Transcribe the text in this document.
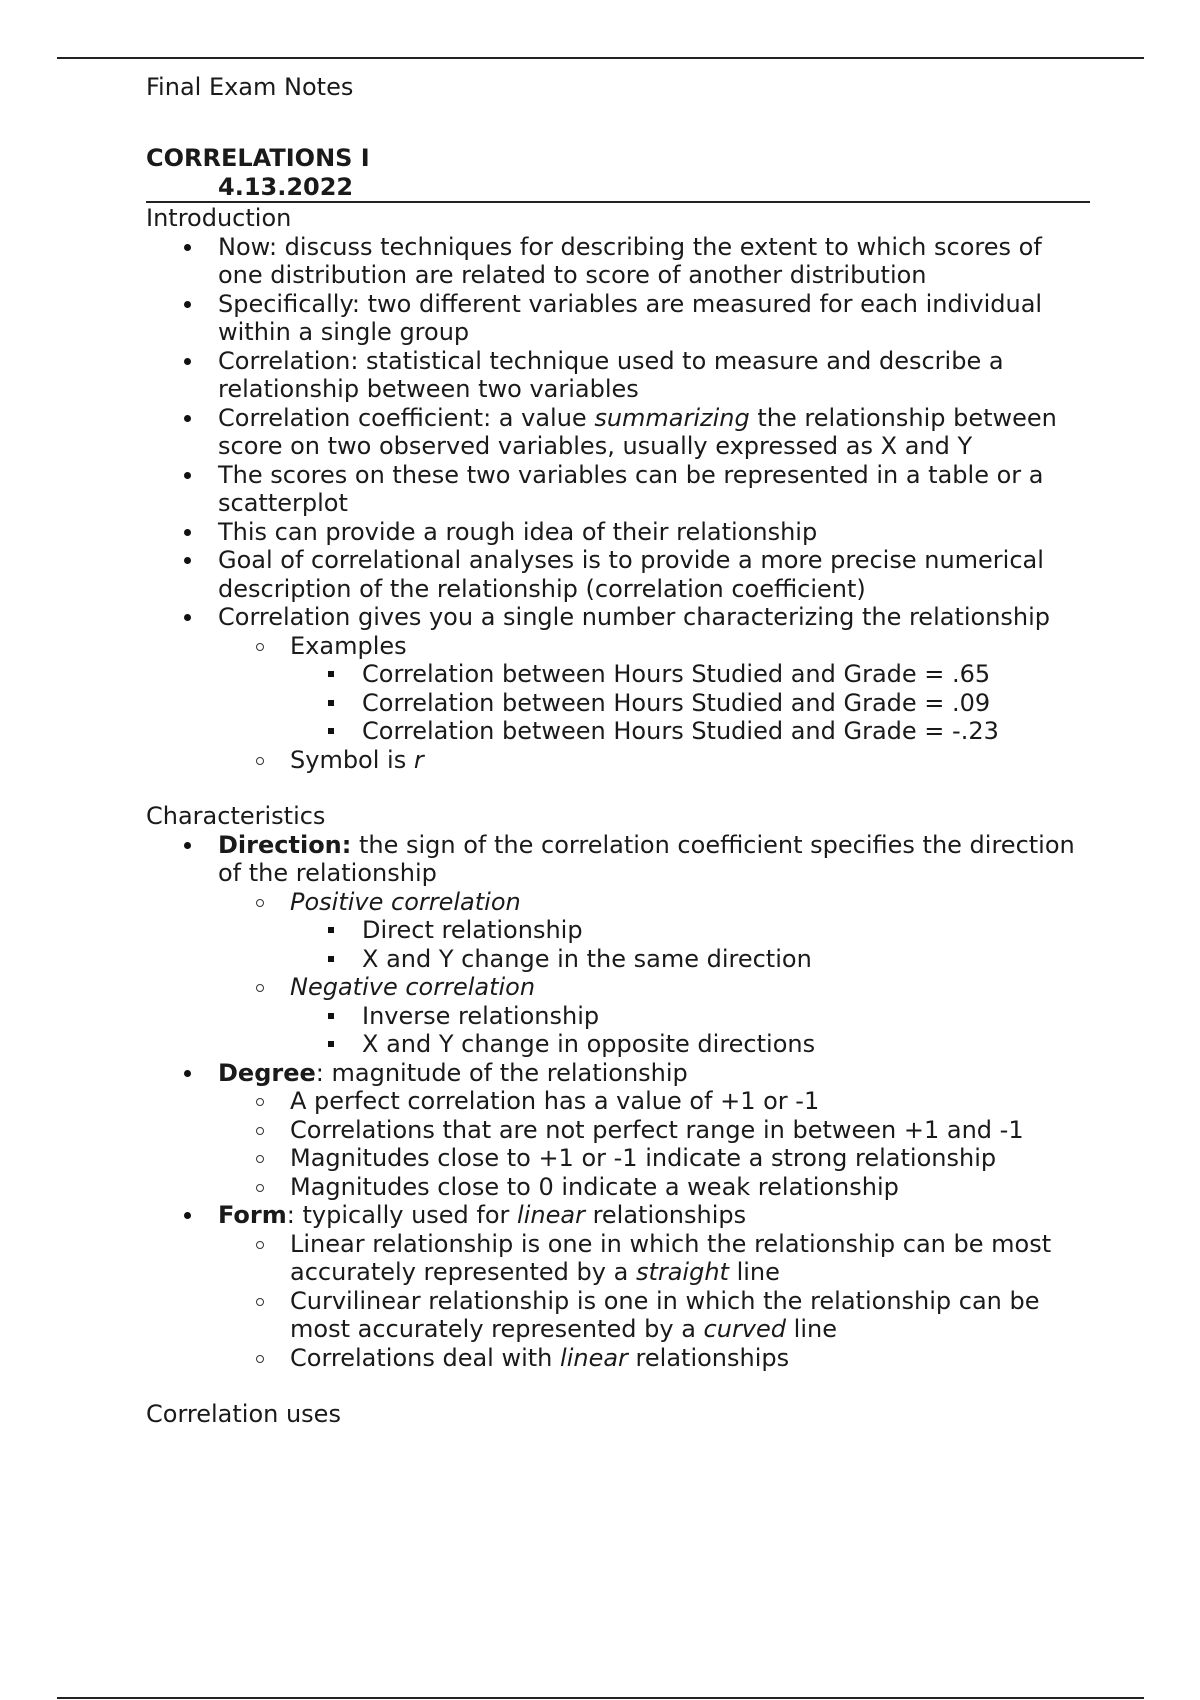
Final Exam Notes
CORRELATIONS I
4.13.2022
Introduction
Now: discuss techniques for describing the extent to which scores of one distribution are related to score of another distribution
Specifically: two different variables are measured for each individual within a single group
Correlation: statistical technique used to measure and describe a relationship between two variables
Correlation coefficient: a value summarizing the relationship between score on two observed variables, usually expressed as X and Y
The scores on these two variables can be represented in a table or a scatterplot
This can provide a rough idea of their relationship
Goal of correlational analyses is to provide a more precise numerical description of the relationship (correlation coefficient)
Correlation gives you a single number characterizing the relationship
Examples
Correlation between Hours Studied and Grade = .65
Correlation between Hours Studied and Grade = .09
Correlation between Hours Studied and Grade = -.23
Symbol is r
Characteristics
Direction: the sign of the correlation coefficient specifies the direction of the relationship
Positive correlation
Direct relationship
X and Y change in the same direction
Negative correlation
Inverse relationship
X and Y change in opposite directions
Degree: magnitude of the relationship
A perfect correlation has a value of +1 or -1
Correlations that are not perfect range in between +1 and -1
Magnitudes close to +1 or -1 indicate a strong relationship
Magnitudes close to 0 indicate a weak relationship
Form: typically used for linear relationships
Linear relationship is one in which the relationship can be most accurately represented by a straight line
Curvilinear relationship is one in which the relationship can be most accurately represented by a curved line
Correlations deal with linear relationships
Correlation uses
